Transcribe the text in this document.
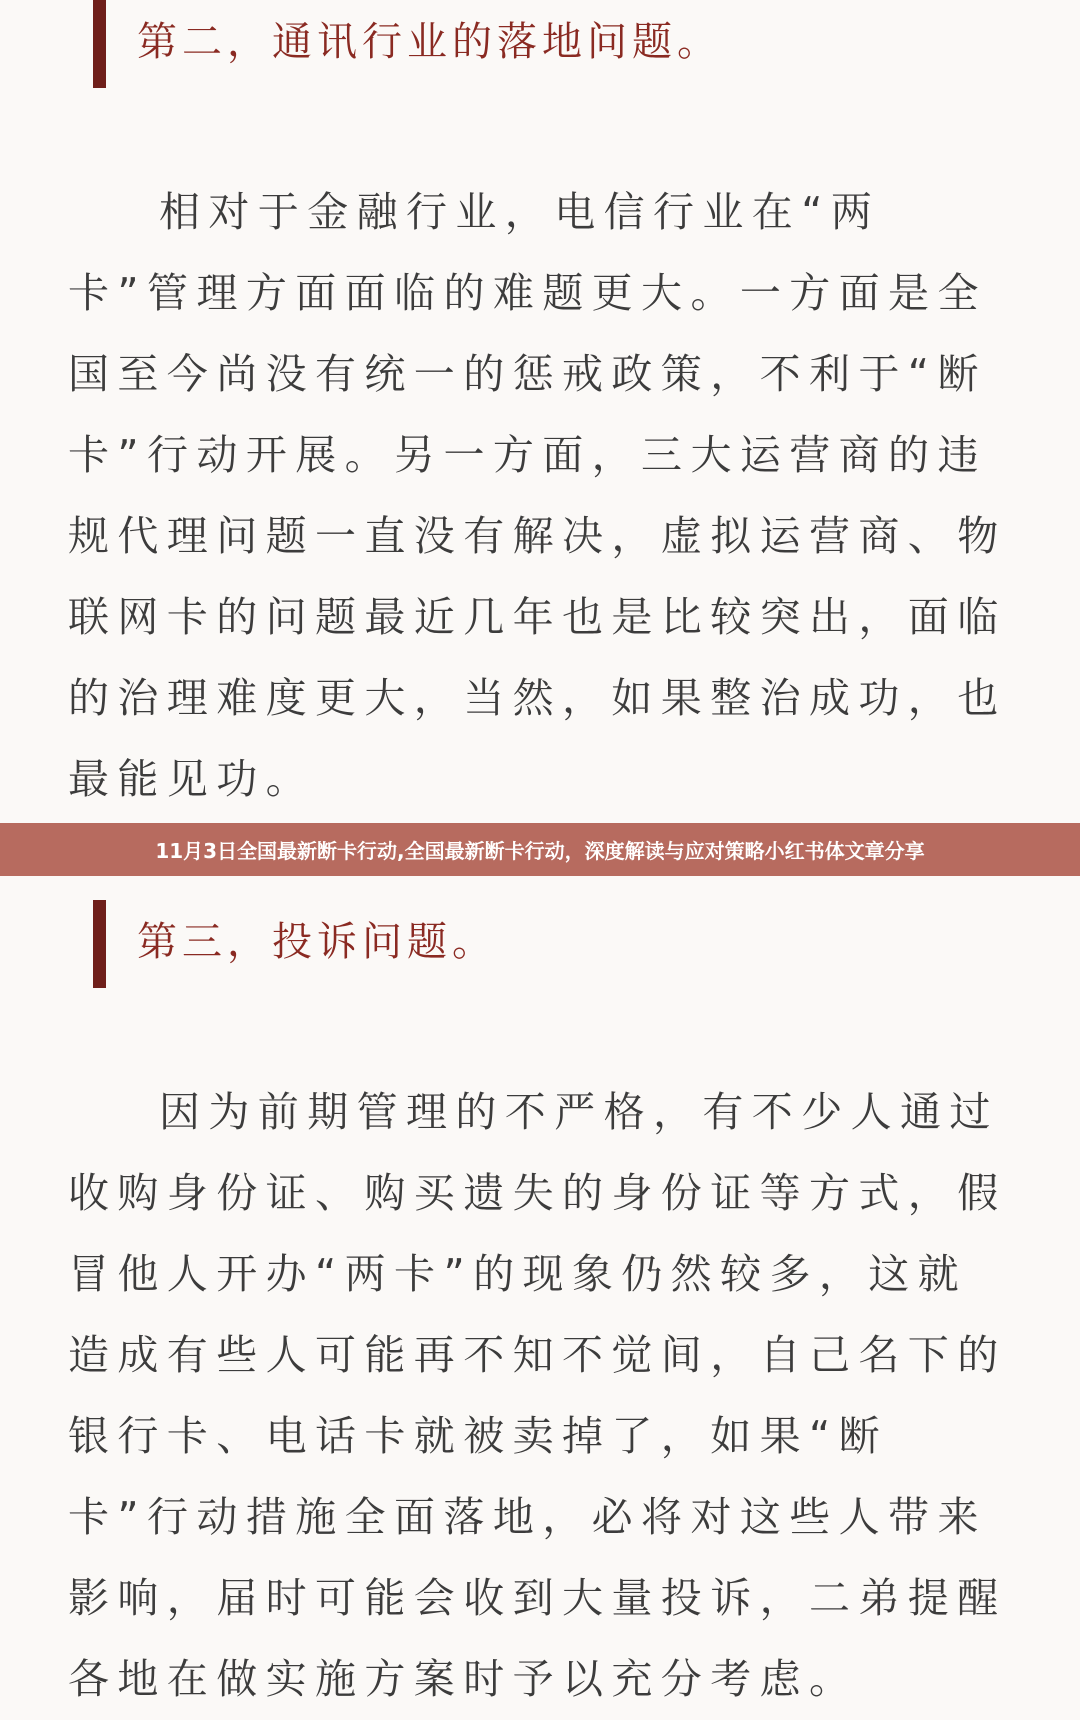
第二，通讯行业的落地问题。

相对于金融行业，电信行业在“两卡”管理方面面临的难题更大。一方面是全国至今尚没有统一的惩戒政策，不利于“断卡”行动开展。另一方面，三大运营商的违规代理问题一直没有解决，虚拟运营商、物联网卡的问题最近几年也是比较突出，面临的治理难度更大，当然，如果整治成功，也最能见功。

11月3日全国最新断卡行动,全国最新断卡行动，深度解读与应对策略小红书体文章分享
第三，投诉问题。

因为前期管理的不严格，有不少人通过收购身份证、购买遗失的身份证等方式，假冒他人开办“两卡”的现象仍然较多，这就造成有些人可能再不知不觉间，自己名下的银行卡、电话卡就被卖掉了，如果“断卡”行动措施全面落地，必将对这些人带来影响，届时可能会收到大量投诉，二弟提醒各地在做实施方案时予以充分考虑。
